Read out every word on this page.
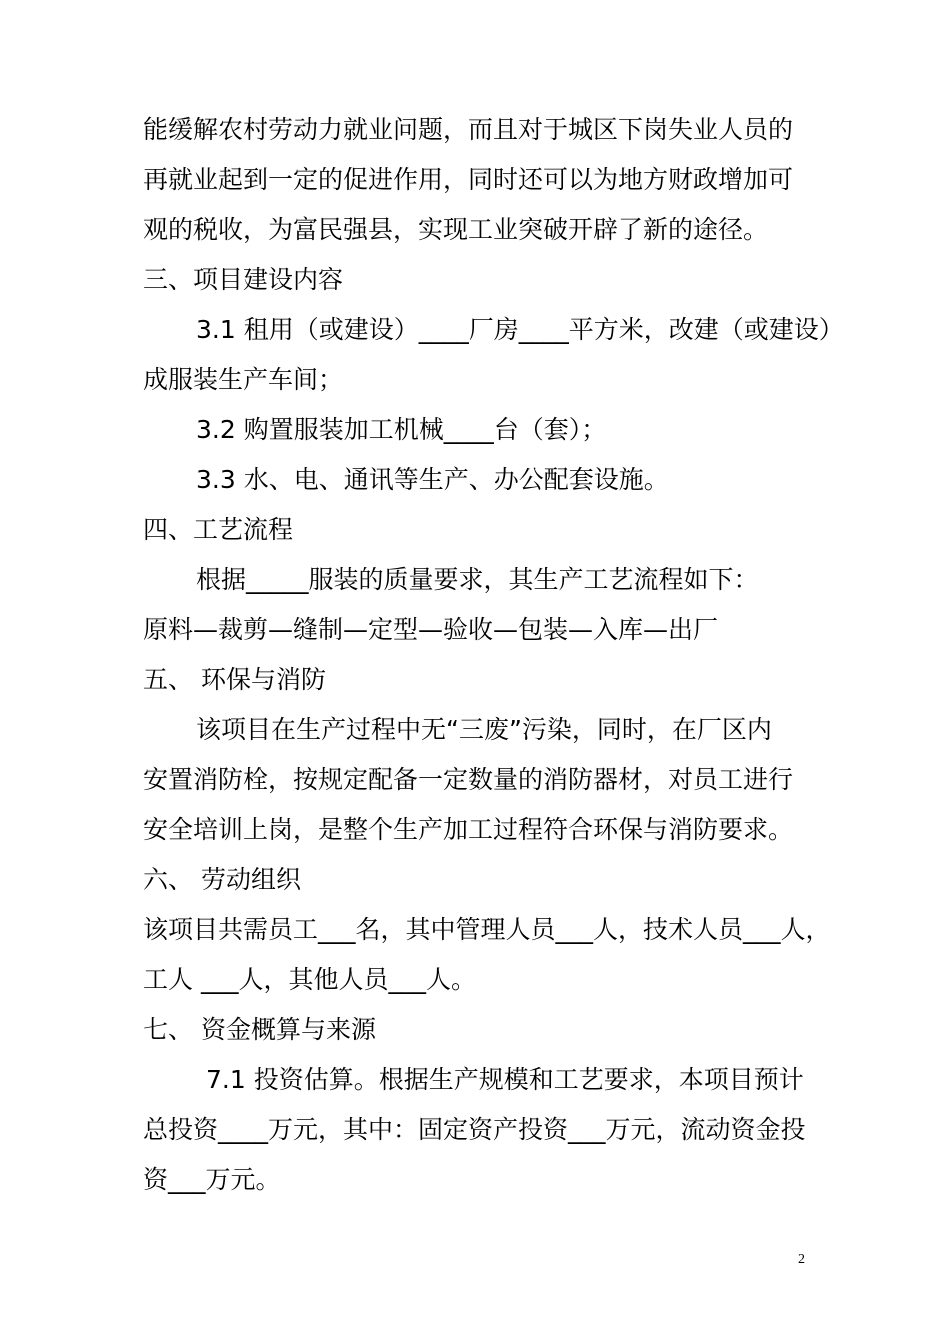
能缓解农村劳动力就业问题，而且对于城区下岗失业人员的

再就业起到一定的促进作用，同时还可以为地方财政增加可

观的税收，为富民强县，实现工业突破开辟了新的途径。

三、项目建设内容

3.1 租用（或建设）____厂房____平方米，改建（或建设）

成服装生产车间；

3.2 购置服装加工机械____台（套）；

3.3 水、电、通讯等生产、办公配套设施。

四、工艺流程

根据_____服装的质量要求，其生产工艺流程如下：

原料—裁剪—缝制—定型—验收—包装—入库—出厂

五、 环保与消防

该项目在生产过程中无“三废”污染，同时，在厂区内

安置消防栓，按规定配备一定数量的消防器材，对员工进行

安全培训上岗，是整个生产加工过程符合环保与消防要求。

六、 劳动组织

该项目共需员工___名，其中管理人员___人，技术人员___人，

工人 ___人，其他人员___人。

七、 资金概算与来源

7.1 投资估算。根据生产规模和工艺要求，本项目预计

总投资____万元，其中：固定资产投资___万元，流动资金投

资___万元。

2
